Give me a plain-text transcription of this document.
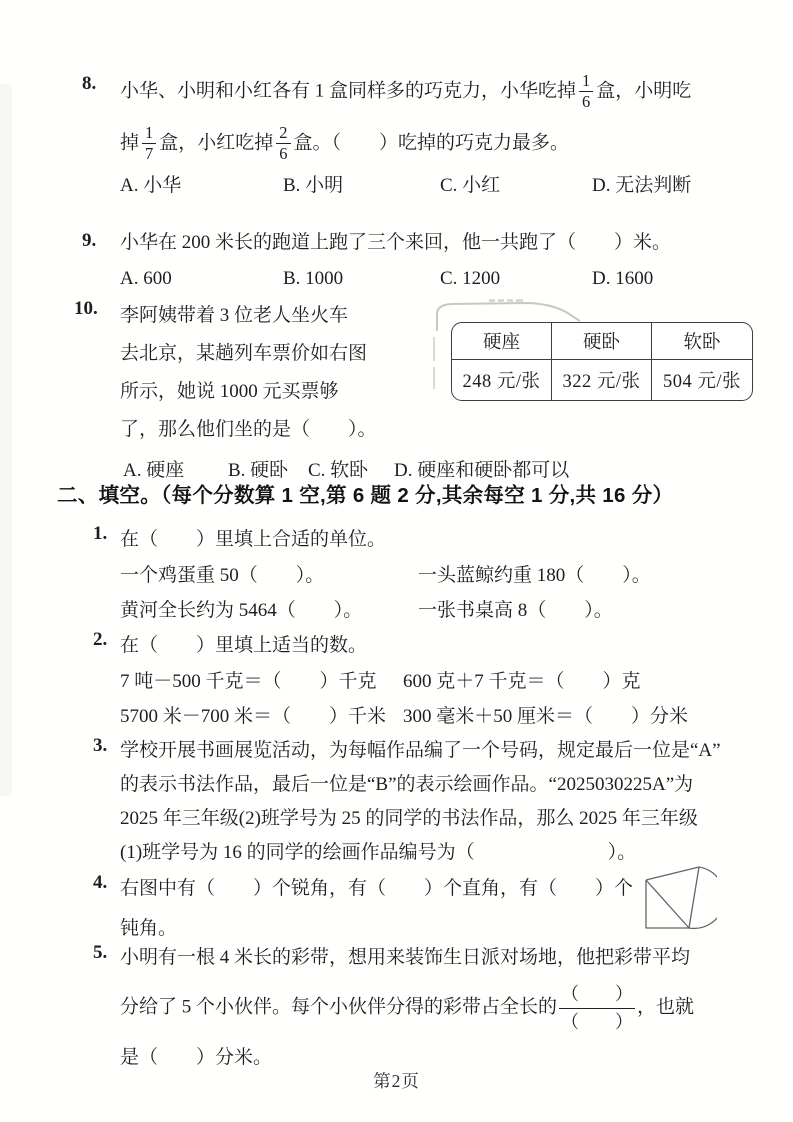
8. 小华、小明和小红各有 1 盒同样多的巧克力，小华吃掉 $\frac{1}{6}$ 盒，小明吃
掉 $\frac{1}{7}$ 盒，小红吃掉 $\frac{2}{6}$ 盒。（　　）吃掉的巧克力最多。
A. 小华	B. 小明	C. 小红	D. 无法判断
9. 小华在 200 米长的跑道上跑了三个来回，他一共跑了（　　）米。
A. 600	B. 1000	C. 1200	D. 1600
10. 李阿姨带着 3 位老人坐火车
去北京，某趟列车票价如右图
所示，她说 1000 元买票够
了，那么他们坐的是（　　）。
硬座	硬卧	软卧
248 元/张	322 元/张	504 元/张
A. 硬座	B. 硬卧	C. 软卧	D. 硬座和硬卧都可以
二、填空。（每个分数算 1 空,第 6 题 2 分,其余每空 1 分,共 16 分）
1. 在（　　）里填上合适的单位。
一个鸡蛋重 50（　　）。	一头蓝鲸约重 180（　　）。
黄河全长约为 5464（　　）。	一张书桌高 8（　　）。
2. 在（　　）里填上适当的数。
7 吨－500 千克＝（　　）千克	600 克＋7 千克＝（　　）克
5700 米－700 米＝（　　）千米 300 毫米＋50 厘米＝（　　）分米
3. 学校开展书画展览活动，为每幅作品编了一个号码，规定最后一位是“A”
的表示书法作品，最后一位是“B”的表示绘画作品。“2025030225A”为
2025 年三年级(2)班学号为 25 的同学的书法作品，那么 2025 年三年级
(1)班学号为 16 的同学的绘画作品编号为（　　　　　　　）。
4. 右图中有（　　）个锐角，有（　　）个直角，有（　　）个
钝角。
5. 小明有一根 4 米长的彩带，想用来装饰生日派对场地，他把彩带平均
分给了 5 个小伙伴。每个小伙伴分得的彩带占全长的
（　　）
（　　）
，也就
是（　　）分米。
第2页
